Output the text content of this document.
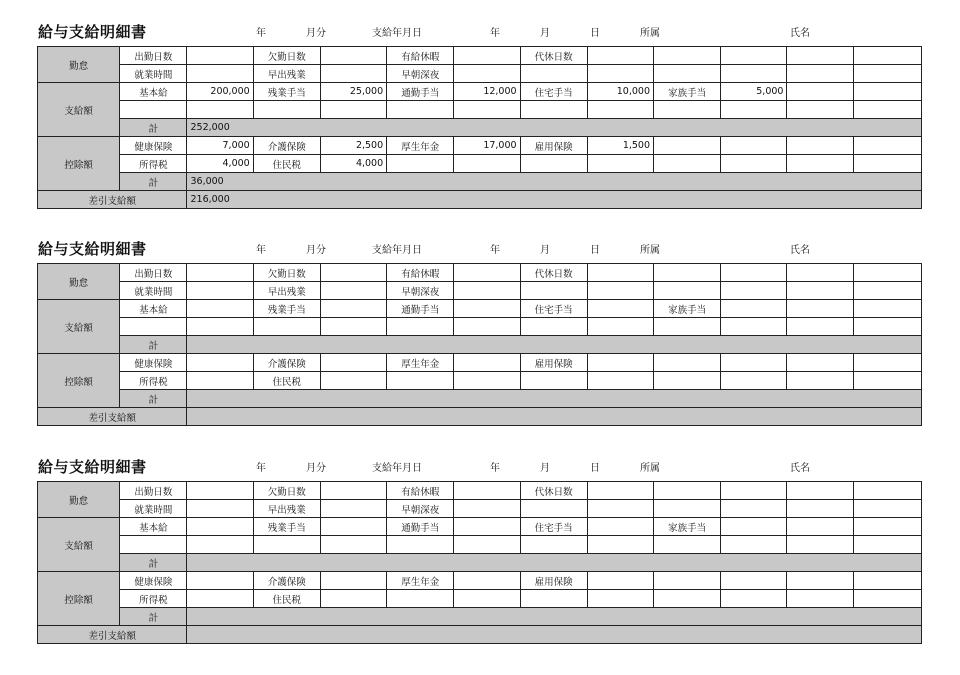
給与支給明細書	年	月分	支給年月日	年	月	日	所属	氏名
勤怠	出勤日数		欠勤日数		有給休暇		代休日数					
	就業時間		早出残業		早朝深夜							
支給額	基本給	200,000	残業手当	25,000	通勤手当	12,000	住宅手当	10,000	家族手当	5,000		

	計	252,000										
控除額	健康保険	7,000	介護保険	2,500	厚生年金	17,000	雇用保険	1,500				
	所得税	4,000	住民税	4,000								
	計	36,000										
差引支給額		216,000										
給与支給明細書	年	月分	支給年月日	年	月	日	所属	氏名
勤怠	出勤日数		欠勤日数		有給休暇		代休日数					
	就業時間		早出残業		早朝深夜							
支給額	基本給		残業手当		通勤手当		住宅手当		家族手当			

	計											
控除額	健康保険		介護保険		厚生年金		雇用保険					
	所得税		住民税									
	計											
差引支給額												
給与支給明細書	年	月分	支給年月日	年	月	日	所属	氏名
勤怠	出勤日数		欠勤日数		有給休暇		代休日数					
	就業時間		早出残業		早朝深夜							
支給額	基本給		残業手当		通勤手当		住宅手当		家族手当			

	計											
控除額	健康保険		介護保険		厚生年金		雇用保険					
	所得税		住民税									
	計											
差引支給額												
